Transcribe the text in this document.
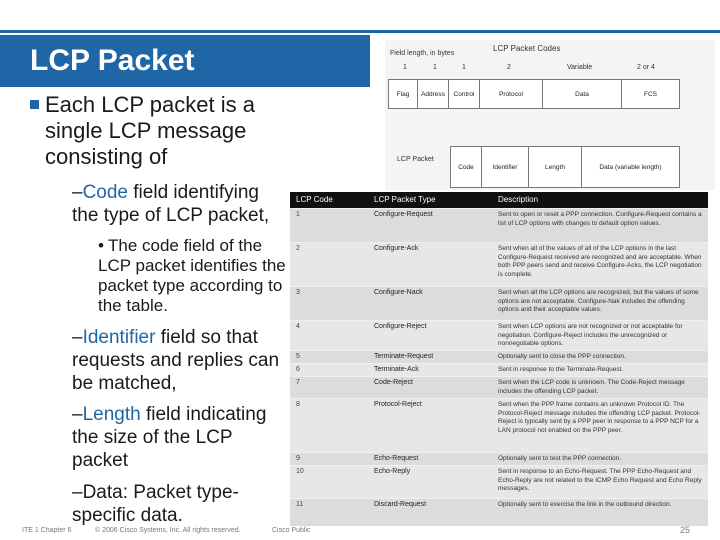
LCP Packet
Each LCP packet is a single LCP message consisting of
–Code field identifying the type of LCP packet,
• The code field of the LCP packet identifies the packet type according to the table.
–Identifier field so that requests and replies can be matched,
–Length field indicating the size of the LCP packet
–Data: Packet type-specific data.
Field length, in bytes
LCP Packet Codes
1	1	1	2	Variable	2 or 4
Flag	Address	Control	Protocol	Data	FCS
LCP Packet
Code	Identifier	Length	Data (variable length)
LCP Code	LCP Packet Type	Description
1	Configure-Request	Sent to open or reset a PPP connection. Configure-Request contains a list of LCP options with changes to default option values.
2	Configure-Ack	Sent when all of the values of all of the LCP options in the last Configure-Request received are recognized and are acceptable. When both PPP peers send and receive Configure-Acks, the LCP negotiation is complete.
3	Configure-Nack	Sent when all the LCP options are recognized, but the values of some options are not acceptable. Configure-Nak includes the offending options and their acceptable values.
4	Configure-Reject	Sent when LCP options are not recognized or not acceptable for negotiation. Configure-Reject includes the unrecognized or nonnegotiable options.
5	Terminate-Request	Optionally sent to close the PPP connection.
6	Terminate-Ack	Sent in response to the Terminate-Request.
7	Code-Reject	Sent when the LCP code is unknown. The Code-Reject message includes the offending LCP packet.
8	Protocol-Reject	Sent when the PPP frame contains an unknown Protocol ID. The Protocol-Reject message includes the offending LCP packet. Protocol-Reject is typically sent by a PPP peer in response to a PPP NCP for a LAN protocol not enabled on the PPP peer.
9	Echo-Request	Optionally sent to test the PPP connection.
10	Echo-Reply	Sent in response to an Echo-Request. The PPP Echo-Request and Echo-Reply are not related to the ICMP Echo Request and Echo Reply messages.
11	Discard-Request	Optionally sent to exercise the link in the outbound direction.
ITE 1 Chapter 6	© 2006 Cisco Systems, Inc. All rights reserved.	Cisco Public	25
